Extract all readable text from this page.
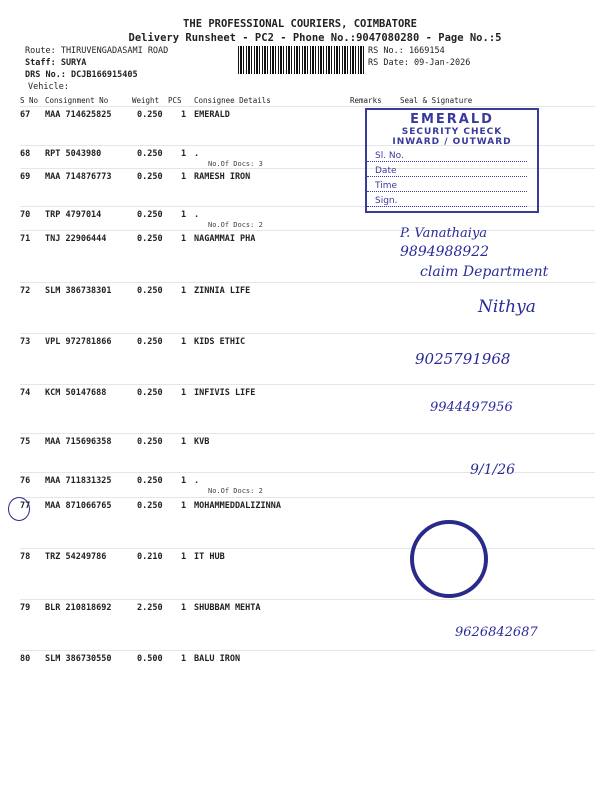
THE PROFESSIONAL COURIERS, COIMBATORE
Delivery Runsheet - PC2 - Phone No.:9047080280 - Page No.:5
Route: THIRUVENGADASAMI ROAD
Staff: SURYA
DRS No.: DCJB166915405
Vehicle:
RS No.: 1669154
RS Date: 09-Jan-2026
S No Consignment No	Weight PCS Consignee Details	Remarks Seal & Signature
67 MAA 714625825	0.250 1 EMERALD
68 RPT 5043980	0.250 1 .
No.Of Docs: 3
69 MAA 714876773	0.250 1 RAMESH IRON
70 TRP 4797014	0.250 1 .
No.Of Docs: 2
71 TNJ 22906444	0.250 1 NAGAMMAI PHA
72 SLM 386738301	0.250 1 ZINNIA LIFE
73 VPL 972781866	0.250 1 KIDS ETHIC
74 KCM 50147688	0.250 1 INFIVIS LIFE
75 MAA 715696358	0.250 1 KVB
76 MAA 711831325	0.250 1 .
No.Of Docs: 2
77 MAA 871066765	0.250 1 MOHAMMEDDALIZINNA
78 TRZ 54249786	0.210 1 IT HUB
79 BLR 210818692	2.250 1 SHUBBAM MEHTA
80 SLM 386730550	0.500 1 BALU IRON
EMERALD
SECURITY CHECK
INWARD / OUTWARD
Sl. No.
Date
Time
Sign.
P. Vanathaiya
9894988922
claim Department
Nithya
9025791968
9944497956
9/1/26
9626842687
